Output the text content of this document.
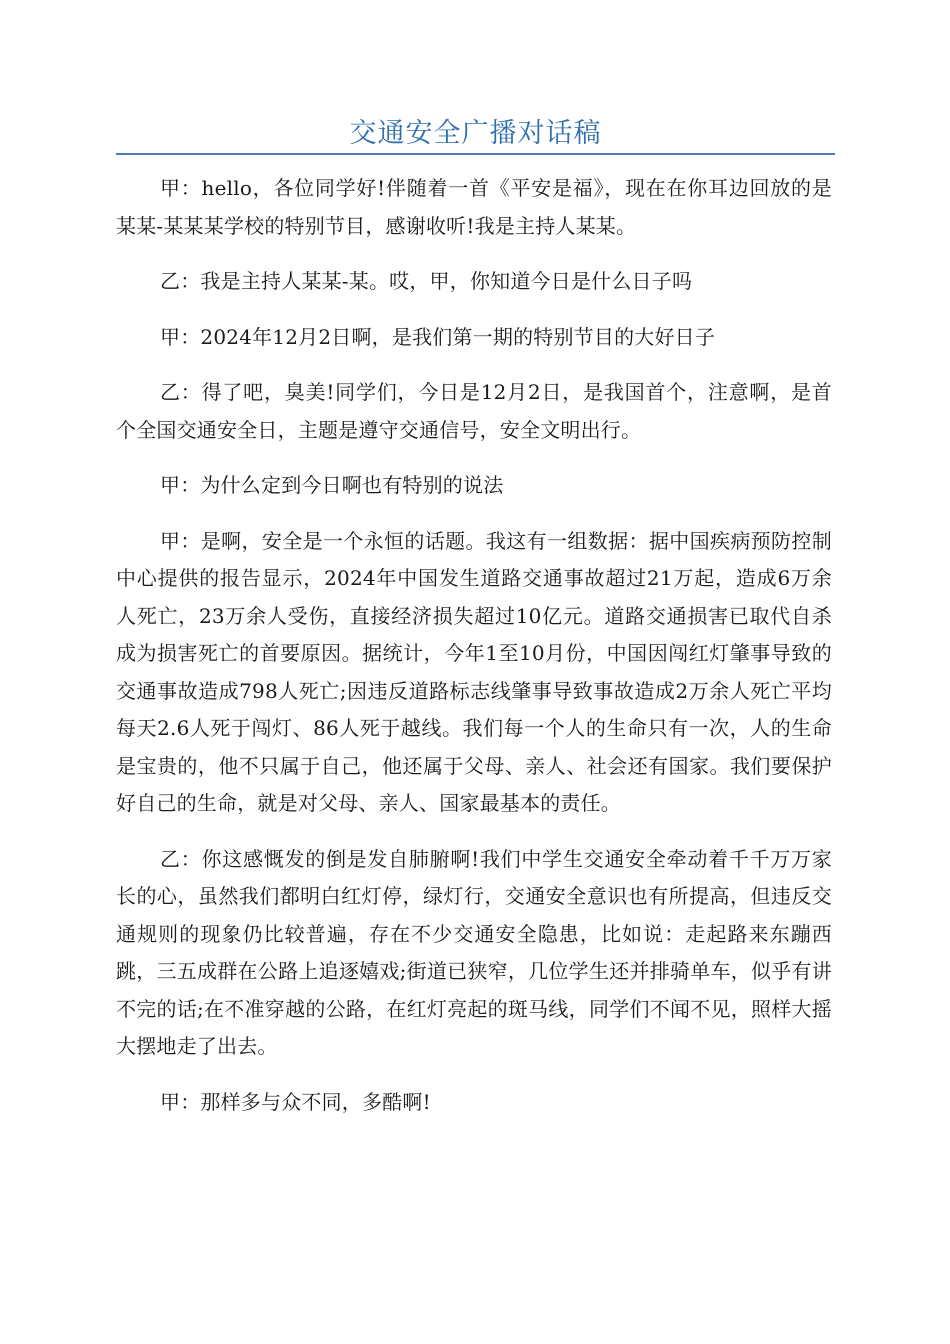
交通安全广播对话稿

甲：hello，各位同学好!伴随着一首《平安是福》，现在在你耳边回放的是某某-某某某学校的特别节目，感谢收听!我是主持人某某。

乙：我是主持人某某-某。哎，甲，你知道今日是什么日子吗

甲：2024年12月2日啊，是我们第一期的特别节目的大好日子

乙：得了吧，臭美!同学们，今日是12月2日，是我国首个，注意啊，是首个全国交通安全日，主题是遵守交通信号，安全文明出行。

甲：为什么定到今日啊也有特别的说法

甲：是啊，安全是一个永恒的话题。我这有一组数据：据中国疾病预防控制中心提供的报告显示，2024年中国发生道路交通事故超过21万起，造成6万余人死亡，23万余人受伤，直接经济损失超过10亿元。道路交通损害已取代自杀成为损害死亡的首要原因。据统计，今年1至10月份，中国因闯红灯肇事导致的交通事故造成798人死亡;因违反道路标志线肇事导致事故造成2万余人死亡平均每天2.6人死于闯灯、86人死于越线。我们每一个人的生命只有一次，人的生命是宝贵的，他不只属于自己，他还属于父母、亲人、社会还有国家。我们要保护好自己的生命，就是对父母、亲人、国家最基本的责任。

乙：你这感慨发的倒是发自肺腑啊!我们中学生交通安全牵动着千千万万家长的心，虽然我们都明白红灯停，绿灯行，交通安全意识也有所提高，但违反交通规则的现象仍比较普遍，存在不少交通安全隐患，比如说：走起路来东蹦西跳，三五成群在公路上追逐嬉戏;街道已狭窄，几位学生还并排骑单车，似乎有讲不完的话;在不准穿越的公路，在红灯亮起的斑马线，同学们不闻不见，照样大摇大摆地走了出去。

甲：那样多与众不同，多酷啊!
